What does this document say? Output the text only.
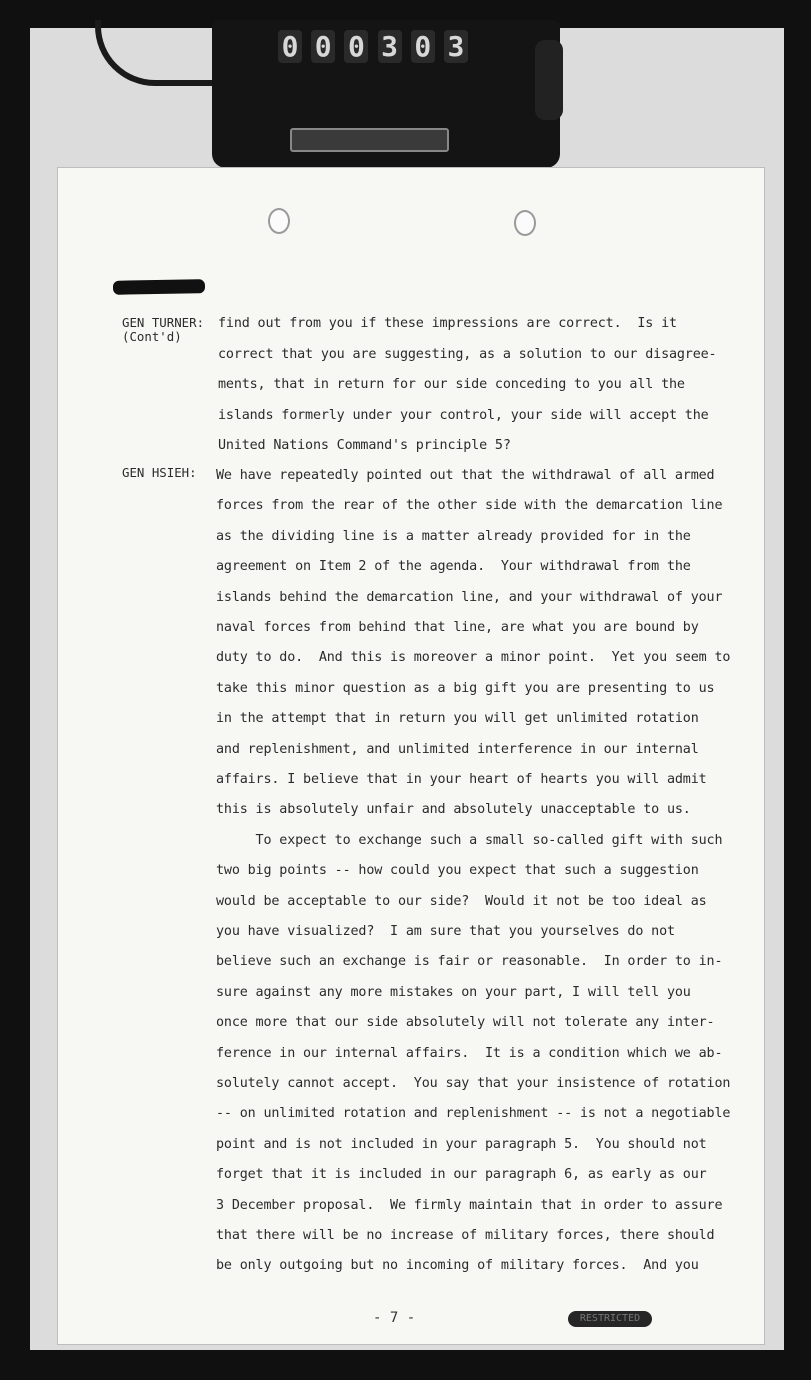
0 0 0 3 0 3
GEN TURNER:
(Cont'd)
find out from you if these impressions are correct.  Is it
correct that you are suggesting, as a solution to our disagree-
ments, that in return for our side conceding to you all the
islands formerly under your control, your side will accept the
United Nations Command's principle 5?
GEN HSIEH: We have repeatedly pointed out that the withdrawal of all armed
forces from the rear of the other side with the demarcation line
as the dividing line is a matter already provided for in the
agreement on Item 2 of the agenda.  Your withdrawal from the
islands behind the demarcation line, and your withdrawal of your
naval forces from behind that line, are what you are bound by
duty to do.  And this is moreover a minor point.  Yet you seem to
take this minor question as a big gift you are presenting to us
in the attempt that in return you will get unlimited rotation
and replenishment, and unlimited interference in our internal
affairs. I believe that in your heart of hearts you will admit
this is absolutely unfair and absolutely unacceptable to us.
To expect to exchange such a small so-called gift with such
two big points -- how could you expect that such a suggestion
would be acceptable to our side?  Would it not be too ideal as
you have visualized?  I am sure that you yourselves do not
believe such an exchange is fair or reasonable.  In order to in-
sure against any more mistakes on your part, I will tell you
once more that our side absolutely will not tolerate any inter-
ference in our internal affairs.  It is a condition which we ab-
solutely cannot accept.  You say that your insistence of rotation
-- on unlimited rotation and replenishment -- is not a negotiable
point and is not included in your paragraph 5.  You should not
forget that it is included in our paragraph 6, as early as our
3 December proposal.  We firmly maintain that in order to assure
that there will be no increase of military forces, there should
be only outgoing but no incoming of military forces.  And you
- 7 -	RESTRICTED
